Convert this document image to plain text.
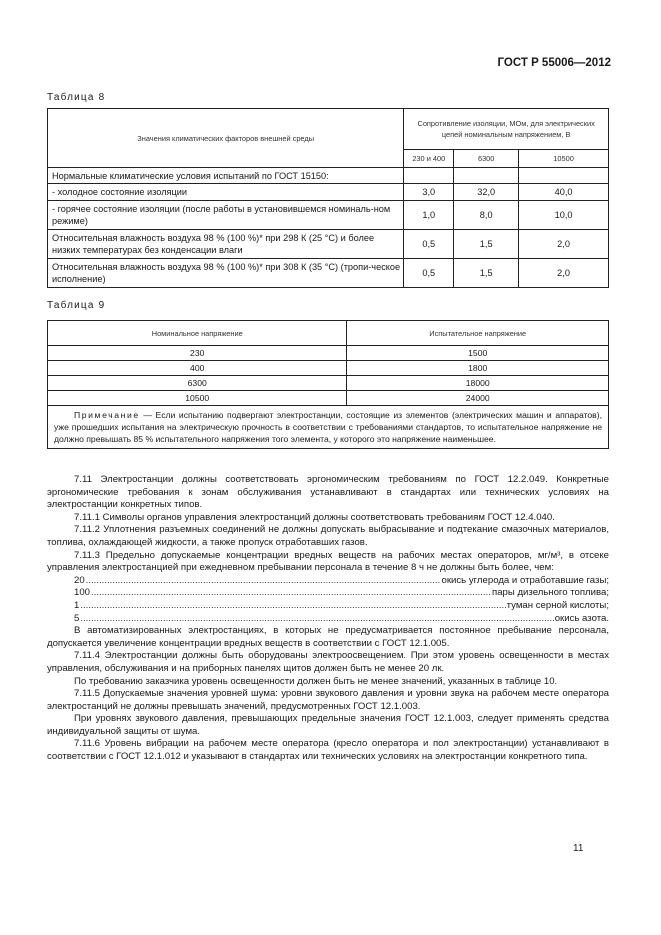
ГОСТ Р 55006—2012
Таблица 8
Значения климатических факторов внешней среды	Сопротивление изоляции, МОм, для электрических цепей номинальным напряжением, В		
	230 и 400	6300	10500
Нормальные климатические условия испытаний по ГОСТ 15150:			
- холодное состояние изоляции	3,0	32,0	40,0
- горячее состояние изоляции (после работы в установившемся номиналь-ном режиме)	1,0	8,0	10,0
Относительная влажность воздуха 98 % (100 %)* при 298 К (25 °С) и более низких температурах без конденсации влаги	0,5	1,5	2,0
Относительная влажность воздуха 98 % (100 %)* при 308 К (35 °С) (тропи-ческое исполнение)	0,5	1,5	2,0
Таблица 9
Номинальное напряжение	Испытательное напряжение
230	1500
400	1800
6300	18000
10500	24000
Примечание — Если испытанию подвергают электростанции, состоящие из элементов (электрических машин и аппаратов), уже прошедших испытания на электрическую прочность в соответствии с требованиями стандартов, то испытательное напряжение не должно превышать 85 % испытательного напряжения того элемента, у которого это напряжение наименьшее.	

7.11 Электростанции должны соответствовать эргономическим требованиям по ГОСТ 12.2.049. Конкретные эргономические требования к зонам обслуживания устанавливают в стандартах или технических условиях на электростанции конкретных типов.

7.11.1 Символы органов управления электростанций должны соответствовать требованиям ГОСТ 12.4.040.

7.11.2 Уплотнения разъемных соединений не должны допускать выбрасывание и подтекание смазочных материалов, топлива, охлаждающей жидкости, а также пропуск отработавших газов.

7.11.3 Предельно допускаемые концентрации вредных веществ на рабочих местах операторов, мг/м³, в отсеке управления электростанцией при ежедневном пребывании персонала в течение 8 ч не должны быть более, чем:

20 .....	окись углерода и отработавшие газы;
100 .....	пары дизельного топлива;
1 .....	туман серной кислоты;
5 .....	окись азота.

В автоматизированных электростанциях, в которых не предусматривается постоянное пребывание персонала, допускается увеличение концентрации вредных веществ в соответствии с ГОСТ 12.1.005.

7.11.4 Электростанции должны быть оборудованы электроосвещением. При этом уровень освещенности в местах управления, обслуживания и на приборных панелях щитов должен быть не менее 20 лк.

По требованию заказчика уровень освещенности должен быть не менее значений, указанных в таблице 10.

7.11.5 Допускаемые значения уровней шума: уровни звукового давления и уровни звука на рабочем месте оператора электростанций не должны превышать значений, предусмотренных ГОСТ 12.1.003.

При уровнях звукового давления, превышающих предельные значения ГОСТ 12.1.003, следует применять средства индивидуальной защиты от шума.

7.11.6 Уровень вибрации на рабочем месте оператора (кресло оператора и пол электростанции) устанавливают в соответствии с ГОСТ 12.1.012 и указывают в стандартах или технических условиях на электростанции конкретного типа.

11
